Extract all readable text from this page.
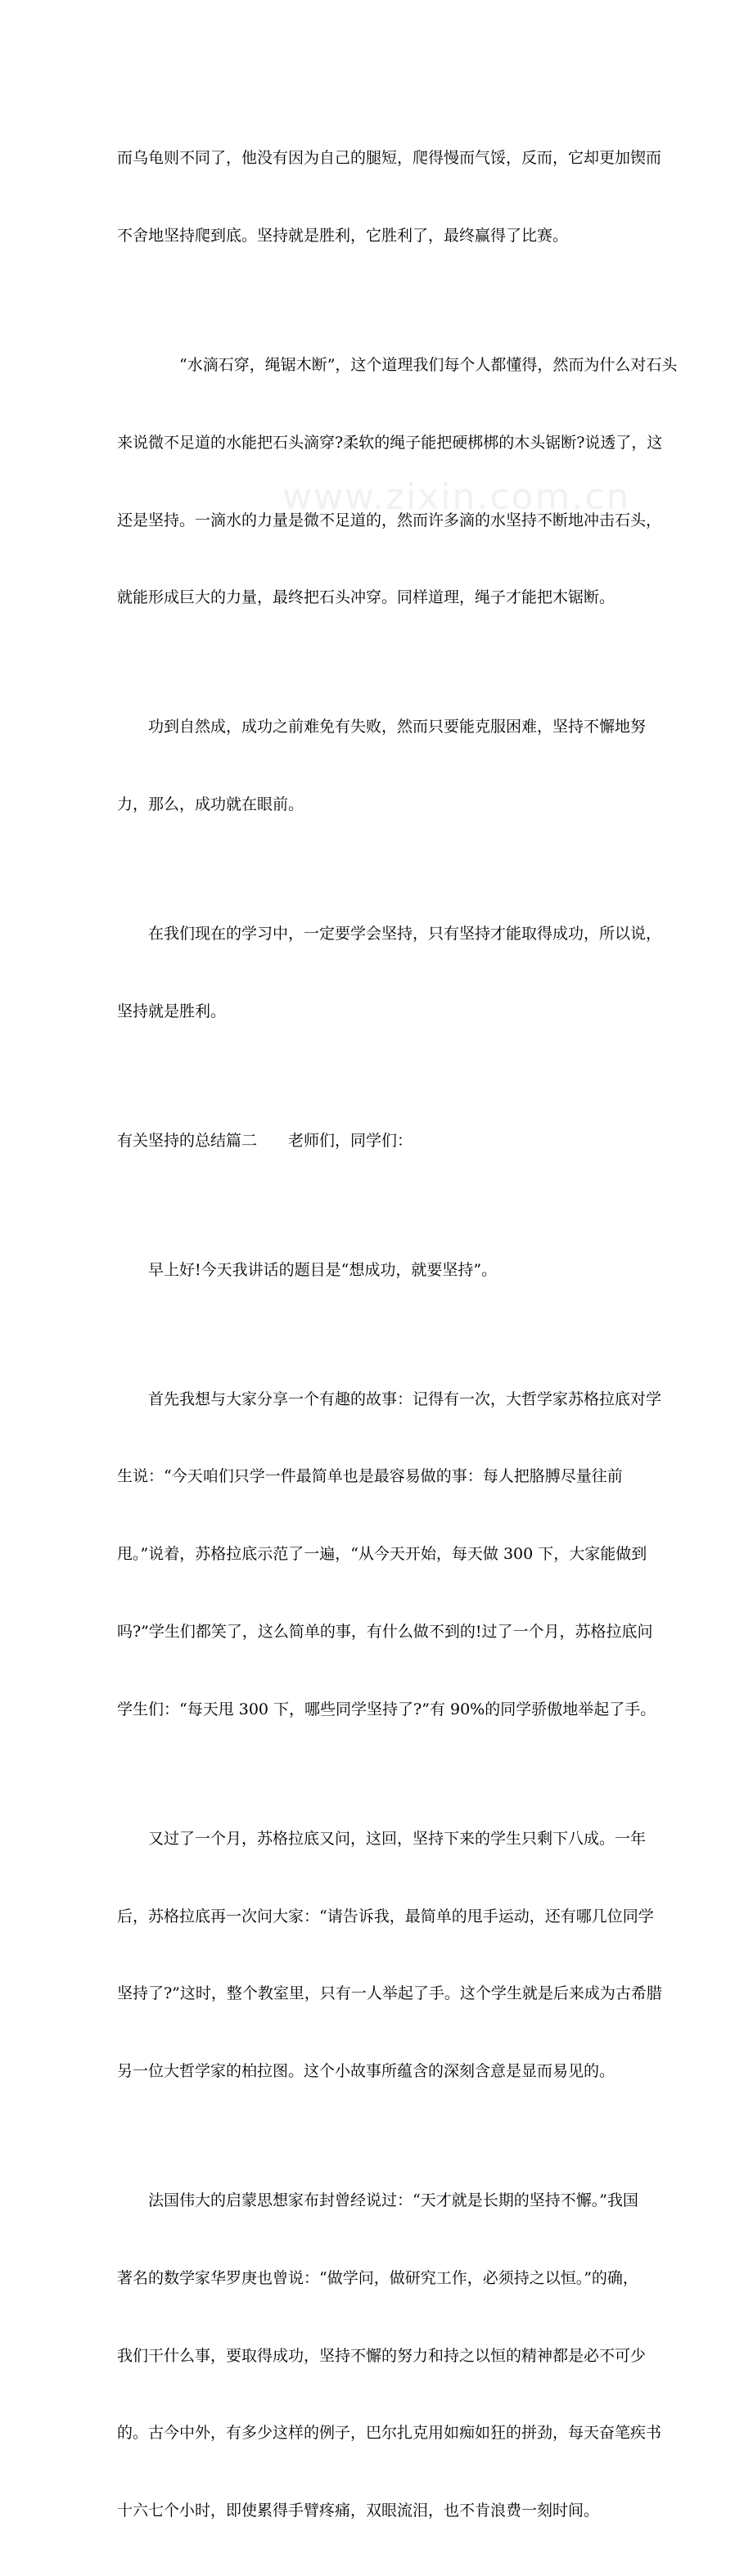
www.zixin.com.cn

而乌龟则不同了，他没有因为自己的腿短，爬得慢而气馁，反而，它却更加锲而

不舍地坚持爬到底。坚持就是胜利，它胜利了，最终赢得了比赛。

“水滴石穿，绳锯木断”，这个道理我们每个人都懂得，然而为什么对石头

来说微不足道的水能把石头滴穿?柔软的绳子能把硬梆梆的木头锯断?说透了，这

还是坚持。一滴水的力量是微不足道的，然而许多滴的水坚持不断地冲击石头，

就能形成巨大的力量，最终把石头冲穿。同样道理，绳子才能把木锯断。

功到自然成，成功之前难免有失败，然而只要能克服困难，坚持不懈地努

力，那么，成功就在眼前。

在我们现在的学习中，一定要学会坚持，只有坚持才能取得成功，所以说，

坚持就是胜利。

有关坚持的总结篇二　　老师们，同学们：

早上好!今天我讲话的题目是“想成功，就要坚持”。

首先我想与大家分享一个有趣的故事：记得有一次，大哲学家苏格拉底对学

生说：“今天咱们只学一件最简单也是最容易做的事：每人把胳膊尽量往前

甩。”说着，苏格拉底示范了一遍，“从今天开始，每天做 300 下，大家能做到

吗?”学生们都笑了，这么简单的事，有什么做不到的!过了一个月，苏格拉底问

学生们：“每天甩 300 下，哪些同学坚持了?”有 90%的同学骄傲地举起了手。

又过了一个月，苏格拉底又问，这回，坚持下来的学生只剩下八成。一年

后，苏格拉底再一次问大家：“请告诉我，最简单的甩手运动，还有哪几位同学

坚持了?”这时，整个教室里，只有一人举起了手。这个学生就是后来成为古希腊

另一位大哲学家的柏拉图。这个小故事所蕴含的深刻含意是显而易见的。

法国伟大的启蒙思想家布封曾经说过：“天才就是长期的坚持不懈。”我国

著名的数学家华罗庚也曾说：“做学问，做研究工作，必须持之以恒。”的确，

我们干什么事，要取得成功，坚持不懈的努力和持之以恒的精神都是必不可少

的。古今中外，有多少这样的例子，巴尔扎克用如痴如狂的拼劲，每天奋笔疾书

十六七个小时，即使累得手臂疼痛，双眼流泪，也不肯浪费一刻时间。
